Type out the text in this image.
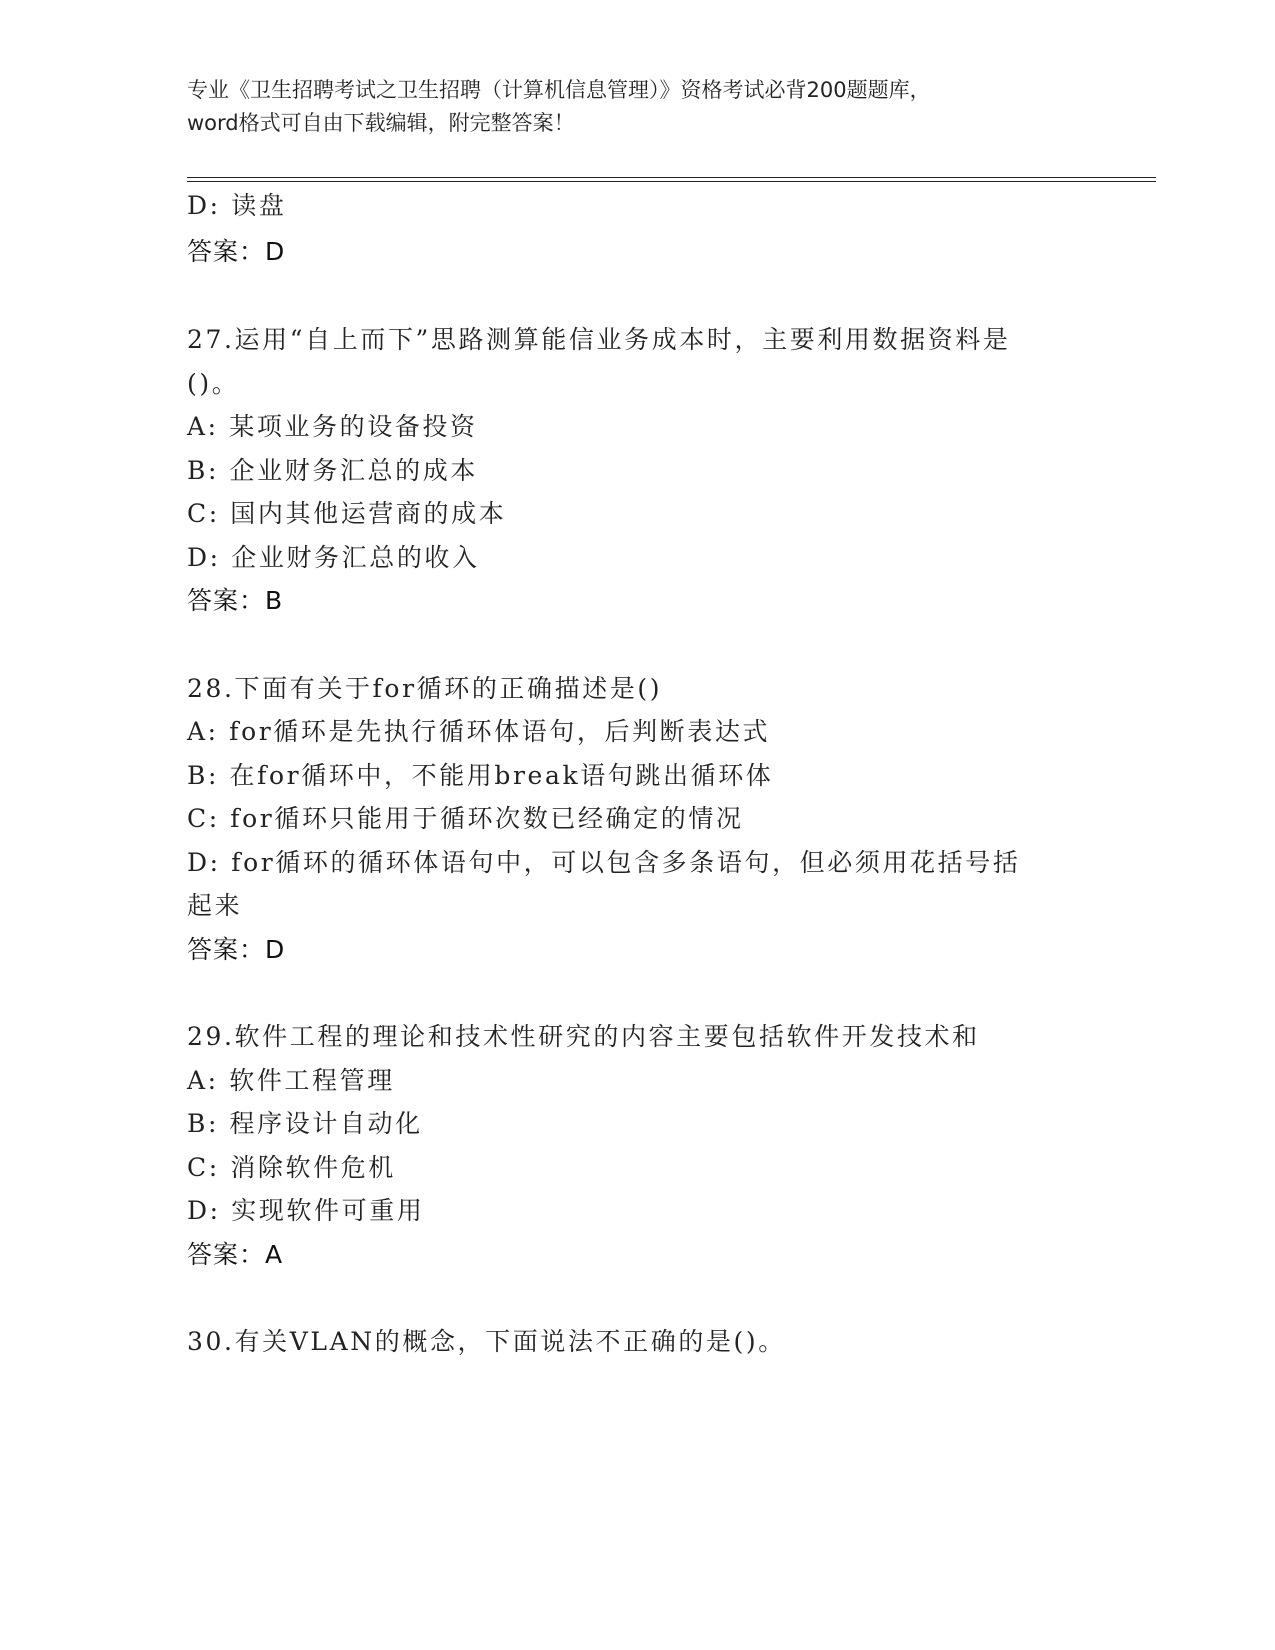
专业《卫生招聘考试之卫生招聘（计算机信息管理）》资格考试必背200题题库，
word格式可自由下载编辑，附完整答案！
D: 读盘
答案：D
27.运用“自上而下”思路测算能信业务成本时，主要利用数据资料是
()。
A: 某项业务的设备投资
B: 企业财务汇总的成本
C: 国内其他运营商的成本
D: 企业财务汇总的收入
答案：B
28.下面有关于for循环的正确描述是()
A: for循环是先执行循环体语句，后判断表达式
B: 在for循环中，不能用break语句跳出循环体
C: for循环只能用于循环次数已经确定的情况
D: for循环的循环体语句中，可以包含多条语句，但必须用花括号括
起来
答案：D
29.软件工程的理论和技术性研究的内容主要包括软件开发技术和
A: 软件工程管理
B: 程序设计自动化
C: 消除软件危机
D: 实现软件可重用
答案：A
30.有关VLAN的概念，下面说法不正确的是()。
